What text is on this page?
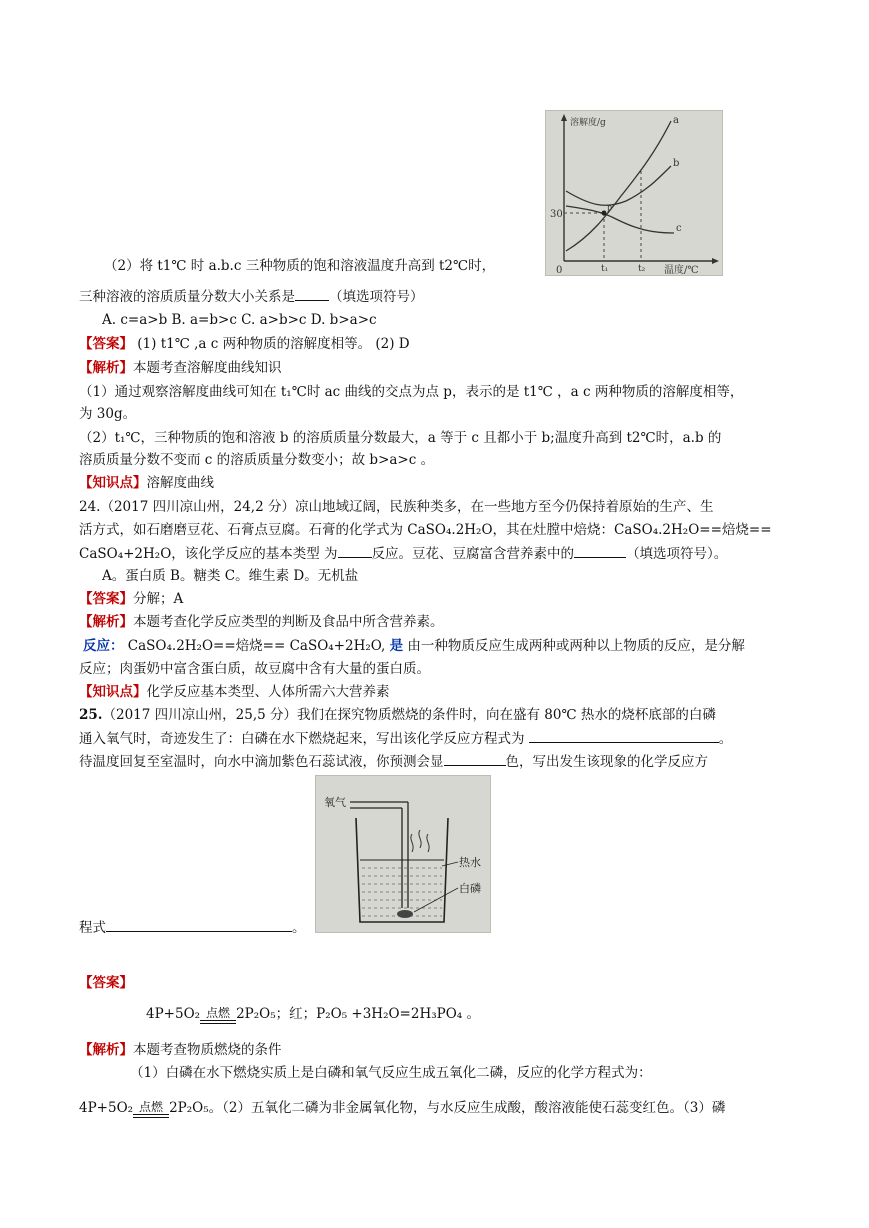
溶解度/g
温度/℃
30
0	t₁	t₂
p
a
b
c
（2）将 t1℃ 时 a.b.c 三种物质的饱和溶液温度升高到 t2℃时，
三种溶液的溶质质量分数大小关系是	（填选项符号）
A. c=a>b B. a=b>c C. a>b>c D. b>a>c
【答案】 (1) t1℃ ,a c 两种物质的溶解度相等。 (2) D
【解析】本题考查溶解度曲线知识
（1）通过观察溶解度曲线可知在 t₁℃时 ac 曲线的交点为点 p，表示的是 t1℃ ，a c 两种物质的溶解度相等，
为 30g。
（2）t₁℃，三种物质的饱和溶液 b 的溶质质量分数最大，a 等于 c 且都小于 b;温度升高到 t2℃时，a.b 的
溶质质量分数不变而 c 的溶质质量分数变小；故 b>a>c 。
【知识点】溶解度曲线
24.（2017 四川凉山州，24,2 分）凉山地域辽阔，民族种类多，在一些地方至今仍保持着原始的生产、生
活方式，如石磨磨豆花、石膏点豆腐。石膏的化学式为 CaSO₄.2H₂O，其在灶膛中焙烧：CaSO₄.2H₂O==焙烧==
CaSO₄+2H₂O，该化学反应的基本类型 为	反应。豆花、豆腐富含营养素中的	（填选项符号）。
A。蛋白质 B。糖类 C。维生素 D。无机盐
【答案】分解；A
【解析】本题考查化学反应类型的判断及食品中所含营养素。
反应： CaSO₄.2H₂O==焙烧== CaSO₄+2H₂O, 是 由一种物质反应生成两种或两种以上物质的反应，是分解
反应；肉蛋奶中富含蛋白质，故豆腐中含有大量的蛋白质。
【知识点】化学反应基本类型、人体所需六大营养素
25.（2017 四川凉山州，25,5 分）我们在探究物质燃烧的条件时，向在盛有 80℃ 热水的烧杯底部的白磷
通入氧气时，奇迹发生了：白磷在水下燃烧起来，写出该化学反应方程式为	。
待温度回复至室温时，向水中滴加紫色石蕊试液，你预测会显	色，写出发生该现象的化学反应方
氧气
热水
白磷
程式	。
【答案】
4P+5O₂ 点燃 2P₂O₅；红；P₂O₅ +3H₂O=2H₃PO₄ 。
【解析】本题考查物质燃烧的条件
（1）白磷在水下燃烧实质上是白磷和氧气反应生成五氧化二磷，反应的化学方程式为：
4P+5O₂ 点燃 2P₂O₅。（2）五氧化二磷为非金属氧化物，与水反应生成酸，酸溶液能使石蕊变红色。（3）磷
